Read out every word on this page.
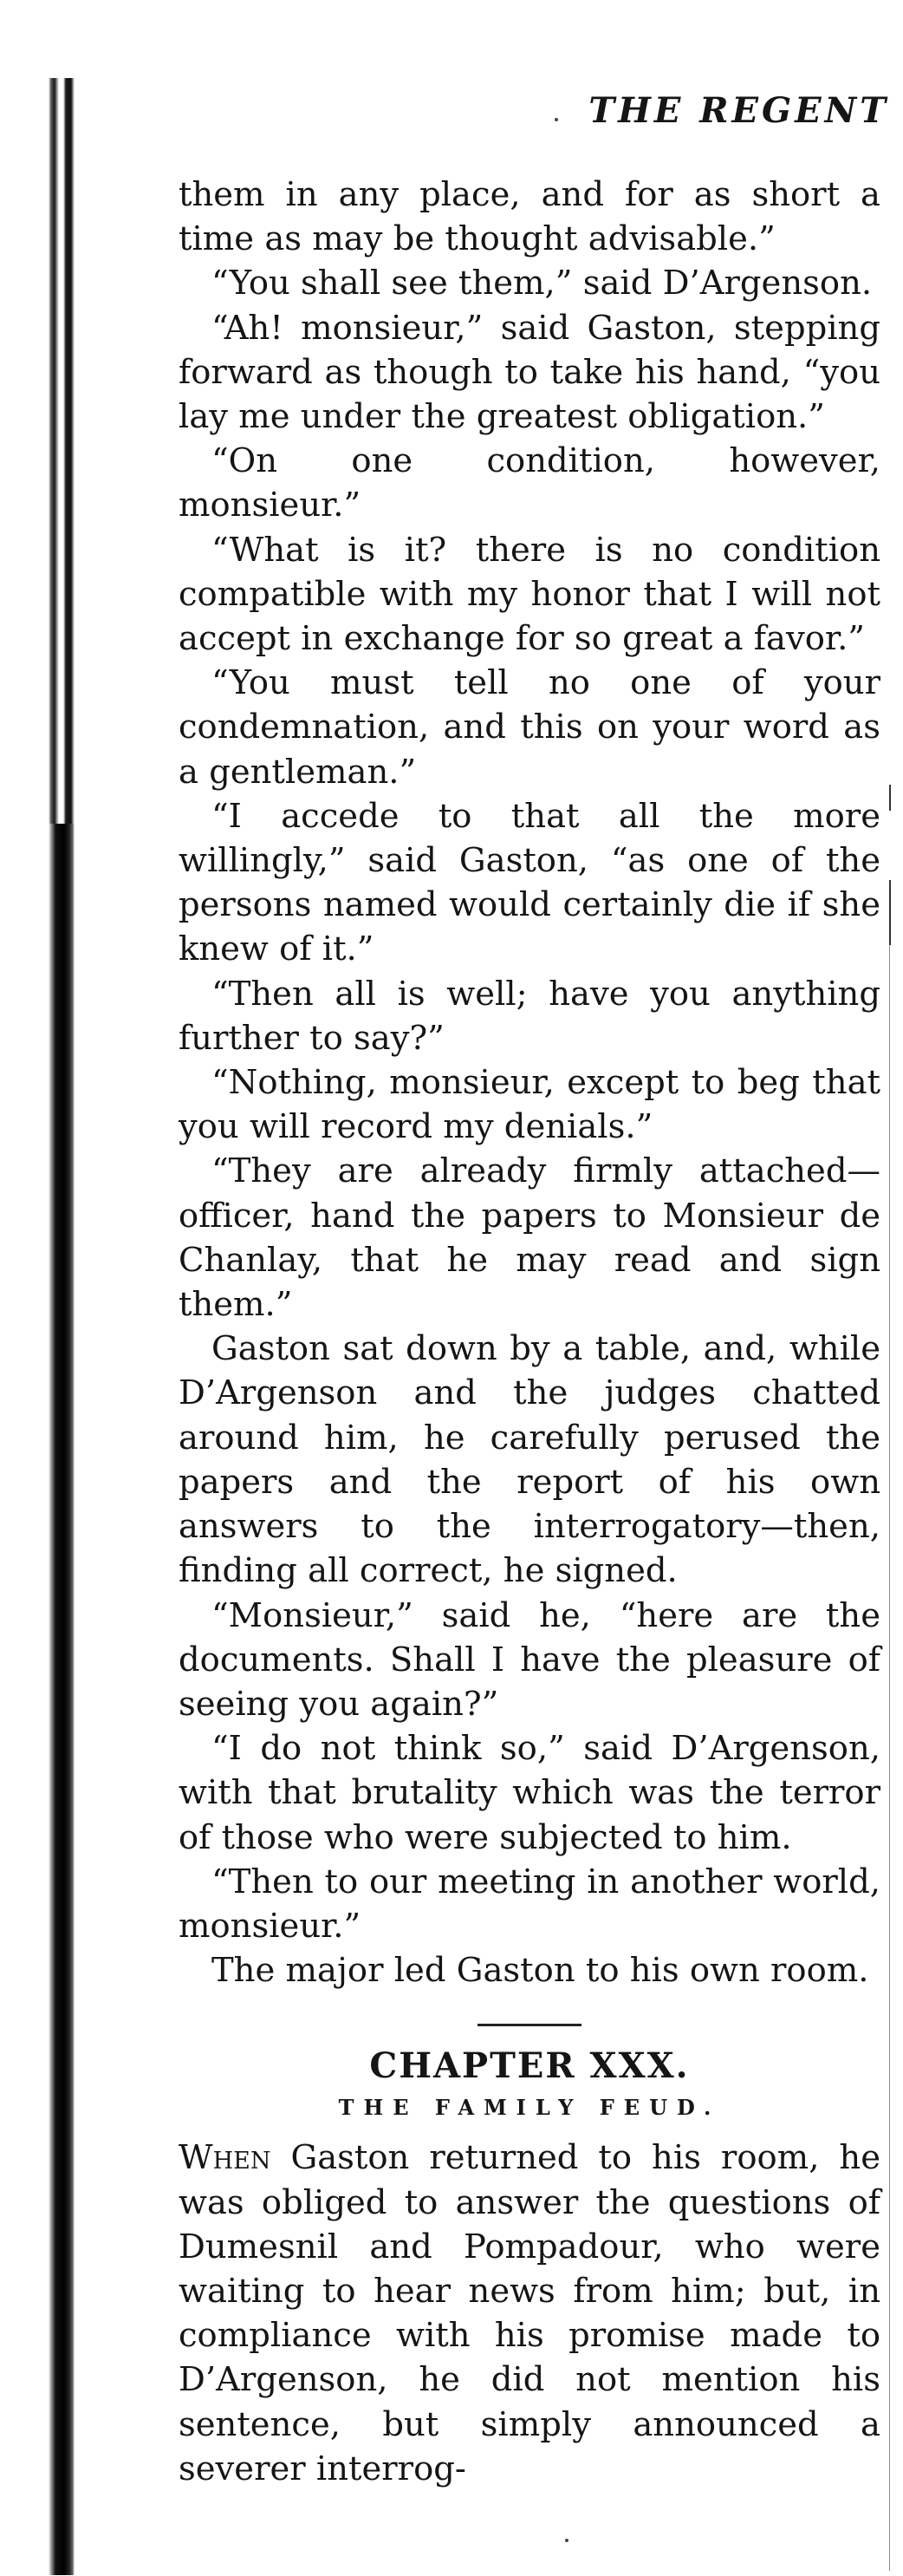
THE REGENT

them in any place, and for as short a time as may be thought advisable.”

“You shall see them,” said D’Argenson.

“Ah! monsieur,” said Gaston, stepping forward as though to take his hand, “you lay me under the greatest obligation.”

“On one condition, however, monsieur.”

“What is it? there is no condition compatible with my honor that I will not accept in exchange for so great a favor.”

“You must tell no one of your condemnation, and this on your word as a gentleman.”

“I accede to that all the more willingly,” said Gaston, “as one of the persons named would certainly die if she knew of it.”

“Then all is well; have you anything further to say?”

“Nothing, monsieur, except to beg that you will record my denials.”

“They are already firmly attached—officer, hand the papers to Monsieur de Chanlay, that he may read and sign them.”

Gaston sat down by a table, and, while D’Argenson and the judges chatted around him, he carefully perused the papers and the report of his own answers to the interrogatory—then, finding all correct, he signed.

“Monsieur,” said he, “here are the documents. Shall I have the pleasure of seeing you again?”

“I do not think so,” said D’Argenson, with that brutality which was the terror of those who were subjected to him.

“Then to our meeting in another world, monsieur.”

The major led Gaston to his own room.

CHAPTER XXX.
THE FAMILY FEUD.

When Gaston returned to his room, he was obliged to answer the questions of Dumesnil and Pompadour, who were waiting to hear news from him; but, in compliance with his promise made to D’Argenson, he did not mention his sentence, but simply announced a severer interrog-
